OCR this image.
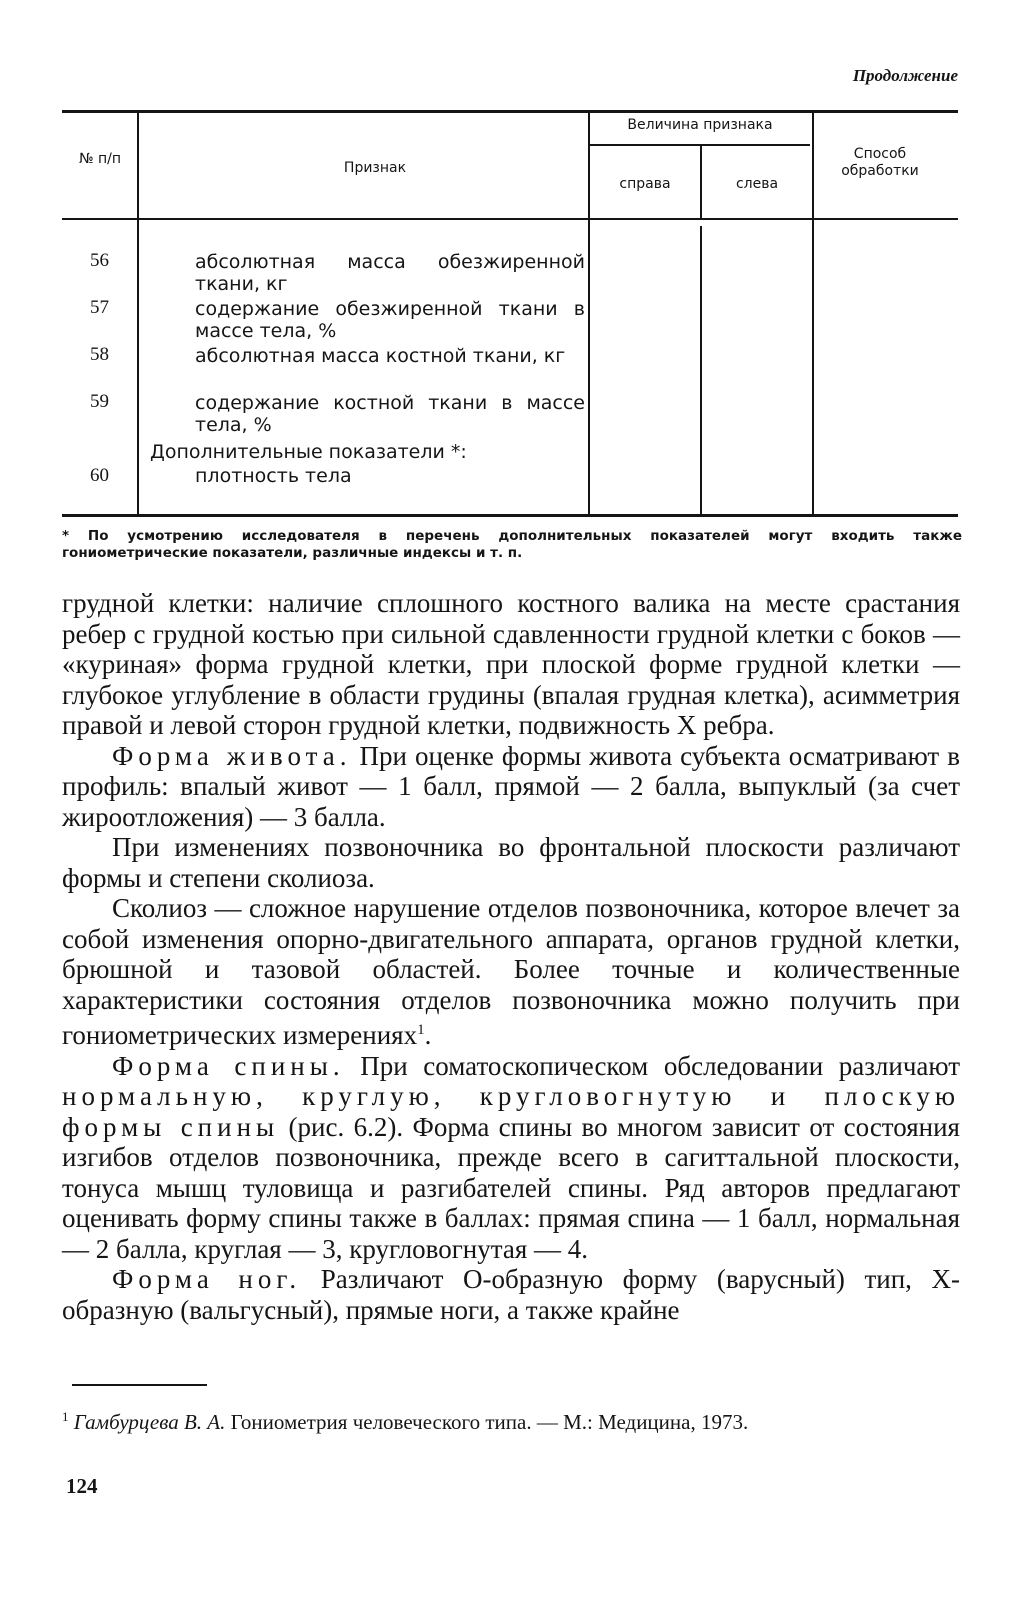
Продолжение
№ п/п
Признак
Величина признака
справа	слева
Способ обработки
56	абсолютная масса обезжиренной ткани, кг
57	содержание обезжиренной ткани в массе тела, %
58	абсолютная масса костной ткани, кг
59	содержание костной ткани в массе тела, %
Дополнительные показатели *:
60	плотность тела
* По усмотрению исследователя в перечень дополнительных показателей могут входить также гониометрические показатели, различные индексы и т. п.

грудной клетки: наличие сплошного костного валика на месте срастания ребер с грудной костью при сильной сдавленности грудной клетки с боков — «куриная» форма грудной клетки, при плоской форме грудной клетки — глубокое углубление в области грудины (впалая грудная клетка), асимметрия правой и левой сторон грудной клетки, подвижность X ребра.

Форма живота. При оценке формы живота субъекта осматривают в профиль: впалый живот — 1 балл, прямой — 2 балла, выпуклый (за счет жироотложения) — 3 балла.

При изменениях позвоночника во фронтальной плоскости различают формы и степени сколиоза.

Сколиоз — сложное нарушение отделов позвоночника, которое влечет за собой изменения опорно-двигательного аппарата, органов грудной клетки, брюшной и тазовой областей. Более точные и количественные характеристики состояния отделов позвоночника можно получить при гониометрических измерениях$^1$.

Форма спины. При соматоскопическом обследовании различают нормальную, круглую, кругловогнутую и плоскую формы спины (рис. 6.2). Форма спины во многом зависит от состояния изгибов отделов позвоночника, прежде всего в сагиттальной плоскости, тонуса мышц туловища и разгибателей спины. Ряд авторов предлагают оценивать форму спины также в баллах: прямая спина — 1 балл, нормальная — 2 балла, круглая — 3, кругловогнутая — 4.

Форма ног. Различают О-образную форму (варусный) тип, Х-образную (вальгусный), прямые ноги, а также крайне

$^1$ Гамбурцева В. А. Гониометрия человеческого типа. — М.: Медицина, 1973.
124
